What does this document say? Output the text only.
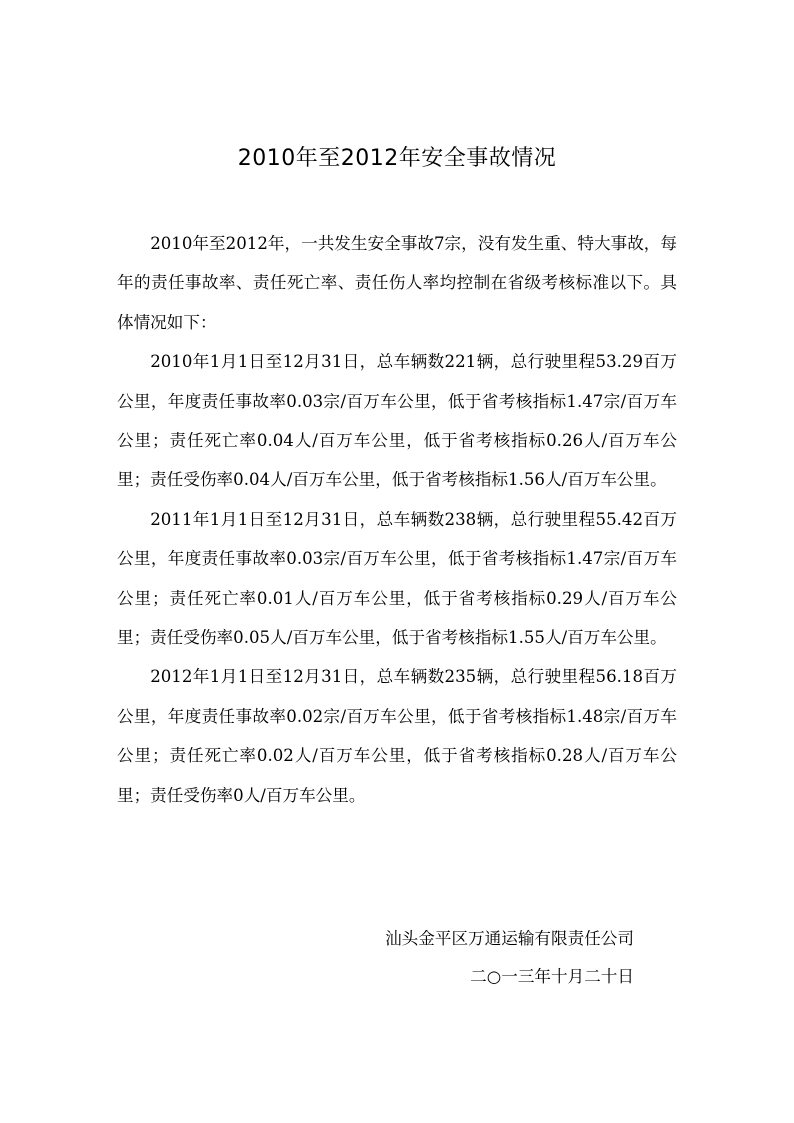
2010年至2012年安全事故情况

2010年至2012年，一共发生安全事故7宗，没有发生重、特大事故，每年的责任事故率、责任死亡率、责任伤人率均控制在省级考核标准以下。具体情况如下：

2010年1月1日至12月31日，总车辆数221辆，总行驶里程53.29百万公里，年度责任事故率0.03宗/百万车公里，低于省考核指标1.47宗/百万车公里；责任死亡率0.04人/百万车公里，低于省考核指标0.26人/百万车公里；责任受伤率0.04人/百万车公里，低于省考核指标1.56人/百万车公里。

2011年1月1日至12月31日，总车辆数238辆，总行驶里程55.42百万公里，年度责任事故率0.03宗/百万车公里，低于省考核指标1.47宗/百万车公里；责任死亡率0.01人/百万车公里，低于省考核指标0.29人/百万车公里；责任受伤率0.05人/百万车公里，低于省考核指标1.55人/百万车公里。

2012年1月1日至12月31日，总车辆数235辆，总行驶里程56.18百万公里，年度责任事故率0.02宗/百万车公里，低于省考核指标1.48宗/百万车公里；责任死亡率0.02人/百万车公里，低于省考核指标0.28人/百万车公里；责任受伤率0人/百万车公里。

汕头金平区万通运输有限责任公司
二○一三年十月二十日
